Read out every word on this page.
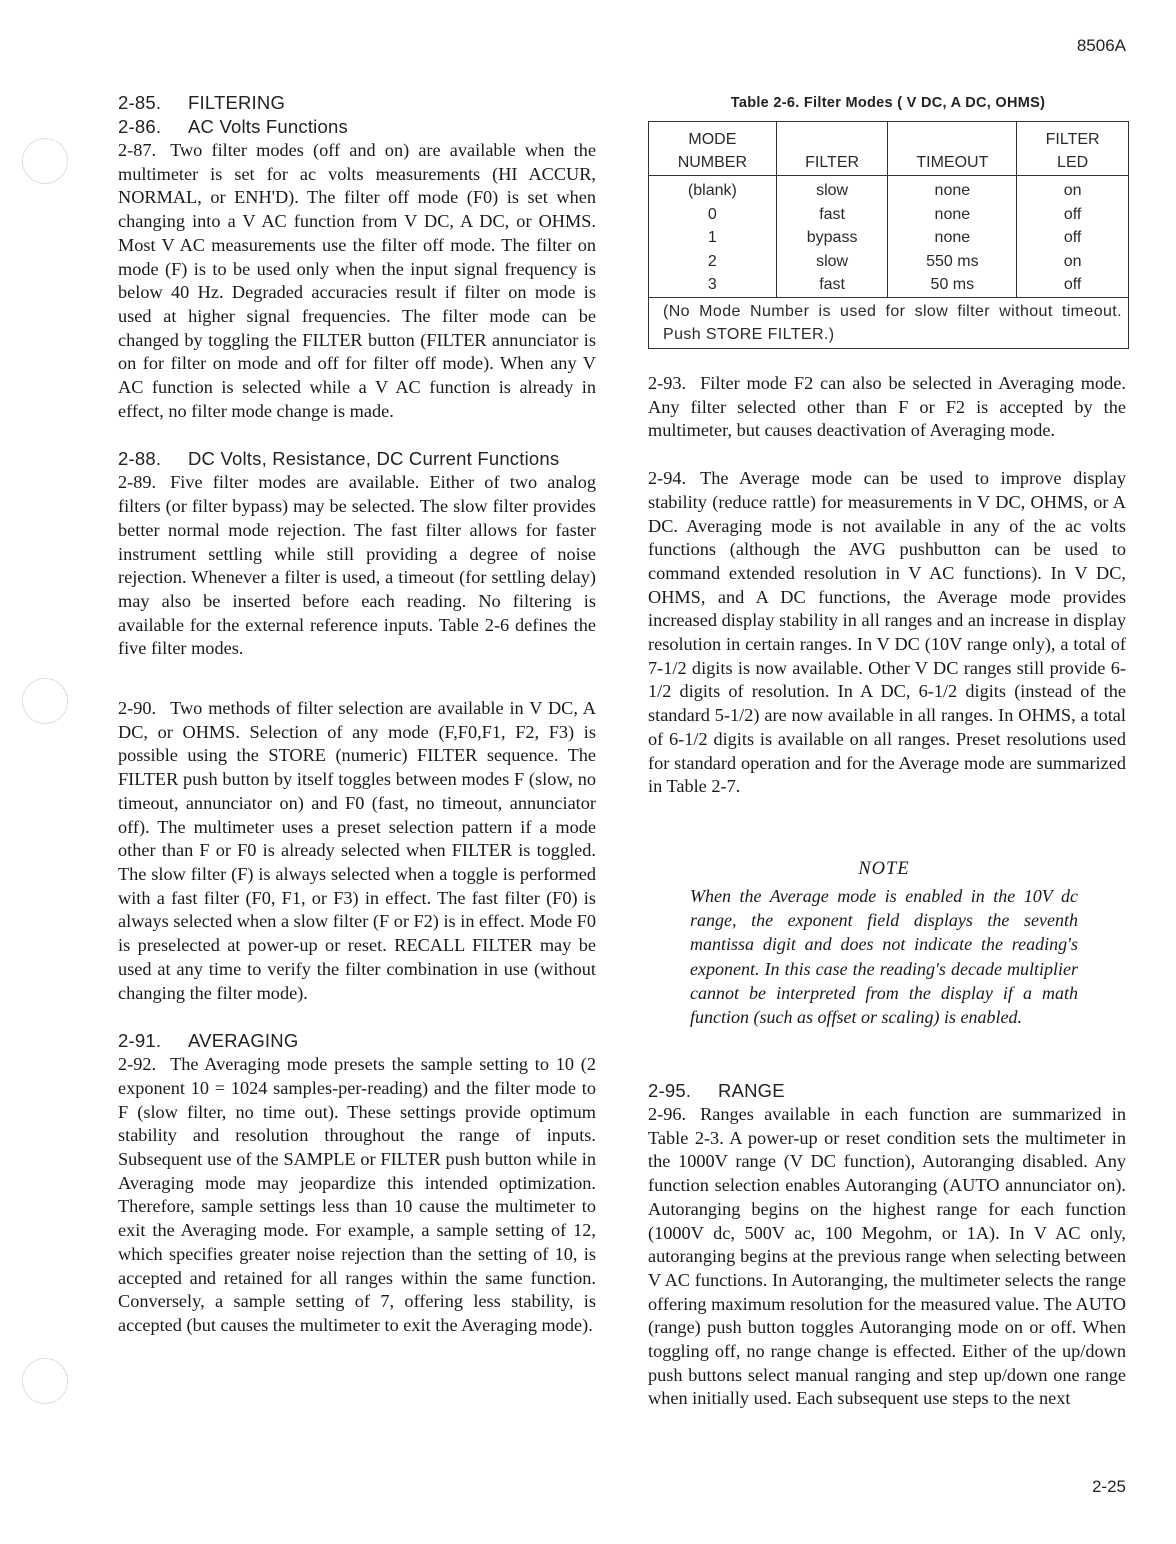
8506A
2-85. FILTERING
2-86. AC Volts Functions

2-87. Two filter modes (off and on) are available when the multimeter is set for ac volts measurements (HI ACCUR, NORMAL, or ENH'D). The filter off mode (F0) is set when changing into a V AC function from V DC, A DC, or OHMS. Most V AC measurements use the filter off mode. The filter on mode (F) is to be used only when the input signal frequency is below 40 Hz. Degraded accuracies result if filter on mode is used at higher signal frequencies. The filter mode can be changed by toggling the FILTER button (FILTER annunciator is on for filter on mode and off for filter off mode). When any V AC function is selected while a V AC function is already in effect, no filter mode change is made.

2-88. DC Volts, Resistance, DC Current Functions

2-89. Five filter modes are available. Either of two analog filters (or filter bypass) may be selected. The slow filter provides better normal mode rejection. The fast filter allows for faster instrument settling while still providing a degree of noise rejection. Whenever a filter is used, a timeout (for settling delay) may also be inserted before each reading. No filtering is available for the external reference inputs. Table 2-6 defines the five filter modes.

2-90. Two methods of filter selection are available in V DC, A DC, or OHMS. Selection of any mode (F,F0,F1, F2, F3) is possible using the STORE (numeric) FILTER sequence. The FILTER push button by itself toggles between modes F (slow, no timeout, annunciator on) and F0 (fast, no timeout, annunciator off). The multimeter uses a preset selection pattern if a mode other than F or F0 is already selected when FILTER is toggled. The slow filter (F) is always selected when a toggle is performed with a fast filter (F0, F1, or F3) in effect. The fast filter (F0) is always selected when a slow filter (F or F2) is in effect. Mode F0 is preselected at power-up or reset. RECALL FILTER may be used at any time to verify the filter combination in use (without changing the filter mode).

2-91. AVERAGING

2-92. The Averaging mode presets the sample setting to 10 (2 exponent 10 = 1024 samples-per-reading) and the filter mode to F (slow filter, no time out). These settings provide optimum stability and resolution throughout the range of inputs. Subsequent use of the SAMPLE or FILTER push button while in Averaging mode may jeopardize this intended optimization. Therefore, sample settings less than 10 cause the multimeter to exit the Averaging mode. For example, a sample setting of 12, which specifies greater noise rejection than the setting of 10, is accepted and retained for all ranges within the same function. Conversely, a sample setting of 7, offering less stability, is accepted (but causes the multimeter to exit the Averaging mode).

Table 2-6. Filter Modes ( V DC, A DC, OHMS)
MODE
NUMBER	FILTER	TIMEOUT	FILTER
LED
(blank)	slow	none	on
0	fast	none	off
1	bypass	none	off
2	slow	550 ms	on
3	fast	50 ms	off
(No Mode Number is used for slow filter without timeout. Push STORE FILTER.)			

2-93. Filter mode F2 can also be selected in Averaging mode. Any filter selected other than F or F2 is accepted by the multimeter, but causes deactivation of Averaging mode.

2-94. The Average mode can be used to improve display stability (reduce rattle) for measurements in V DC, OHMS, or A DC. Averaging mode is not available in any of the ac volts functions (although the AVG pushbutton can be used to command extended resolution in V AC functions). In V DC, OHMS, and A DC functions, the Average mode provides increased display stability in all ranges and an increase in display resolution in certain ranges. In V DC (10V range only), a total of 7-1/2 digits is now available. Other V DC ranges still provide 6-1/2 digits of resolution. In A DC, 6-1/2 digits (instead of the standard 5-1/2) are now available in all ranges. In OHMS, a total of 6-1/2 digits is available on all ranges. Preset resolutions used for standard operation and for the Average mode are summarized in Table 2-7.

NOTE
When the Average mode is enabled in the 10V dc range, the exponent field displays the seventh mantissa digit and does not indicate the reading's exponent. In this case the reading's decade multiplier cannot be interpreted from the display if a math function (such as offset or scaling) is enabled.
2-95. RANGE

2-96. Ranges available in each function are summarized in Table 2-3. A power-up or reset condition sets the multimeter in the 1000V range (V DC function), Autoranging disabled. Any function selection enables Autoranging (AUTO annunciator on). Autoranging begins on the highest range for each function (1000V dc, 500V ac, 100 Megohm, or 1A). In V AC only, autoranging begins at the previous range when selecting between V AC functions. In Autoranging, the multimeter selects the range offering maximum resolution for the measured value. The AUTO (range) push button toggles Autoranging mode on or off. When toggling off, no range change is effected. Either of the up/down push buttons select manual ranging and step up/down one range when initially used. Each subsequent use steps to the next

2-25
